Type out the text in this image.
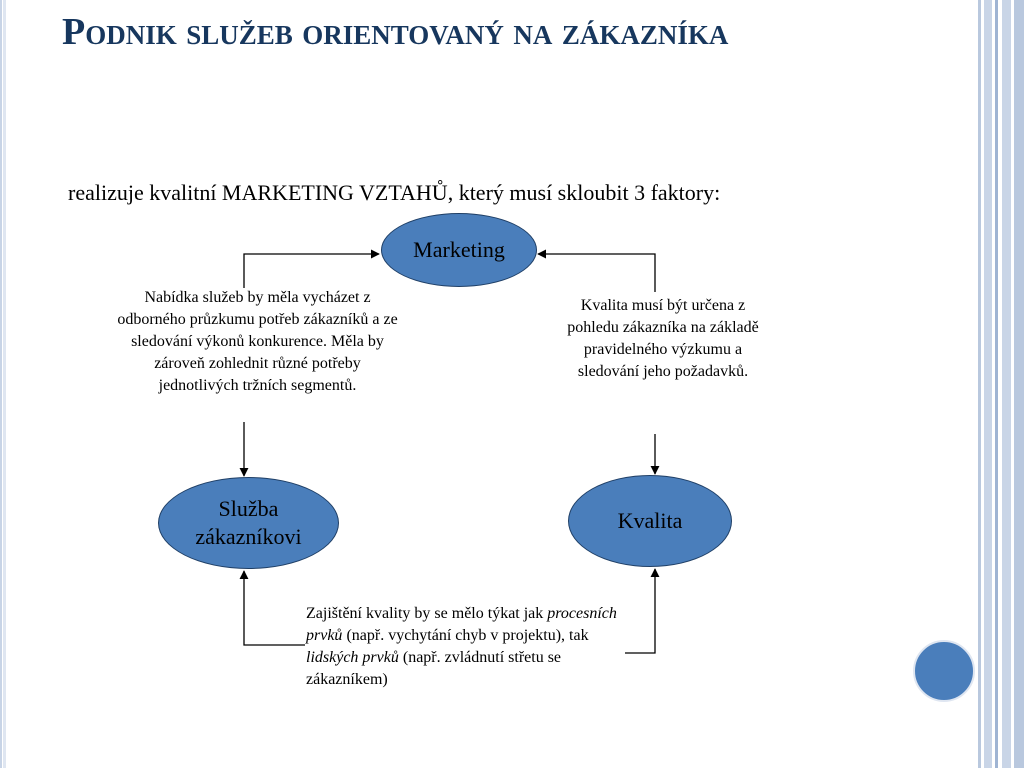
Podnik služeb orientovaný na zákazníka

realizuje kvalitní MARKETING VZTAHŮ, který musí skloubit 3 faktory:

Marketing
Služba
zákazníkovi
Kvalita
Nabídka služeb by měla vycházet z odborného průzkumu potřeb zákazníků a ze sledování výkonů konkurence. Měla by zároveň zohlednit různé potřeby jednotlivých tržních segmentů.
Kvalita musí být určena z pohledu zákazníka na základě pravidelného výzkumu a sledování jeho požadavků.
Zajištění kvality by se mělo týkat jak procesních prvků (např. vychytání chyb v projektu), tak lidských prvků (např. zvládnutí střetu se zákazníkem)
